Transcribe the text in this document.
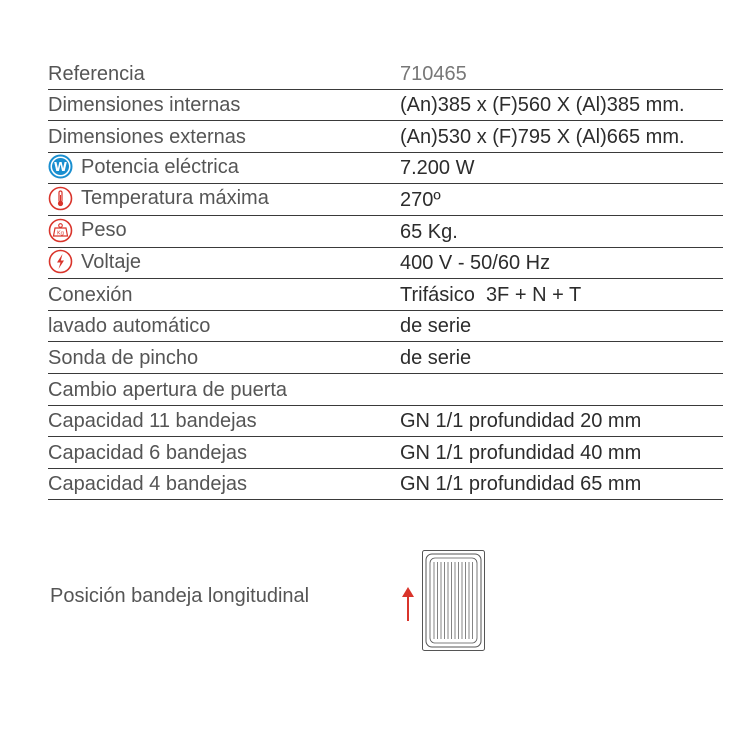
Referencia	710465
Dimensiones internas	(An)385 x (F)560 X (Al)385 mm.
Dimensiones externas	(An)530 x (F)795 X (Al)665 mm.
W Potencia eléctrica	7.200 W
Temperatura máxima	270º
Kg Peso	65 Kg.
Voltaje	400 V - 50/60 Hz
Conexión	Trifásico  3F + N + T
lavado automático	de serie
Sonda de pincho	de serie
Cambio apertura de puerta
Capacidad 11 bandejas	GN 1/1 profundidad 20 mm
Capacidad 6 bandejas	GN 1/1 profundidad 40 mm
Capacidad 4 bandejas	GN 1/1 profundidad 65 mm
Posición bandeja longitudinal
